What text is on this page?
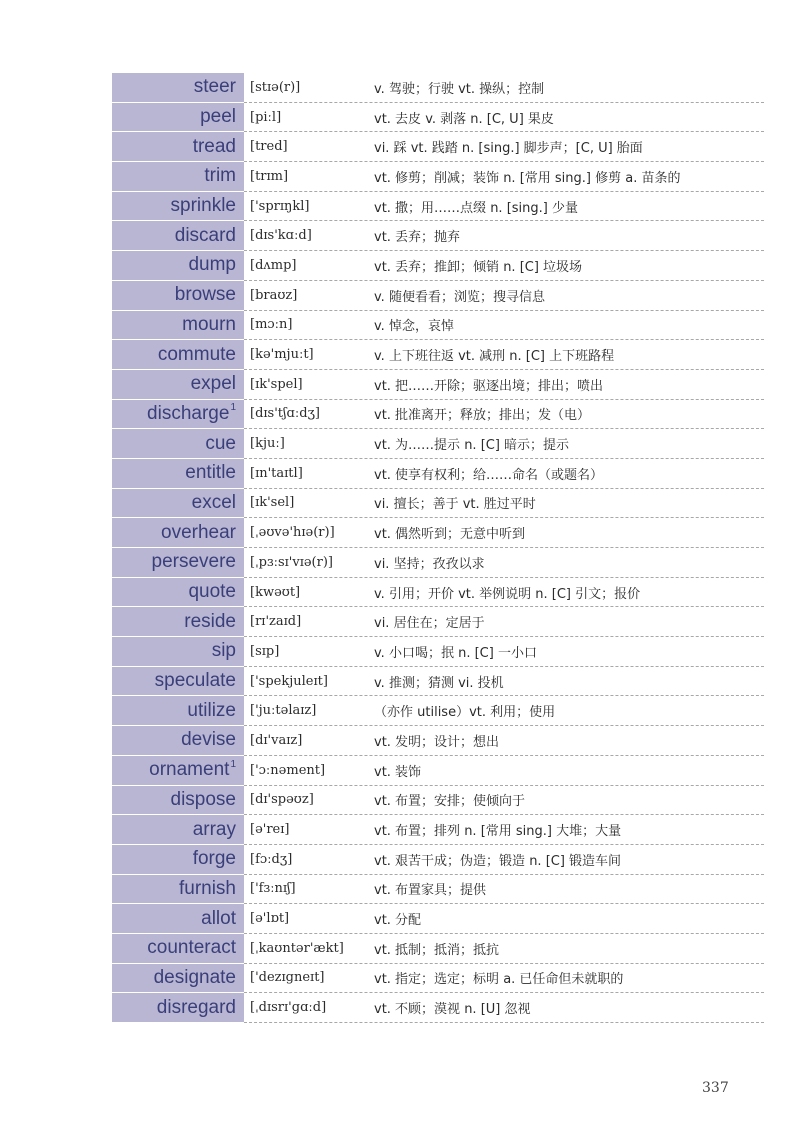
steer	[stɪə(r)]	v. 驾驶；行驶 vt. 操纵；控制
peel	[piːl]	vt. 去皮 v. 剥落 n. [C, U] 果皮
tread	[tred]	vi. 踩 vt. 践踏 n. [sing.] 脚步声；[C, U] 胎面
trim	[trɪm]	vt. 修剪；削减；装饰 n. [常用 sing.] 修剪 a. 苗条的
sprinkle	['sprɪŋkl]	vt. 撒；用……点缀 n. [sing.] 少量
discard	[dɪs'kɑːd]	vt. 丢弃；抛弃
dump	[dʌmp]	vt. 丢弃；推卸；倾销 n. [C] 垃圾场
browse	[braʊz]	v. 随便看看；浏览；搜寻信息
mourn	[mɔːn]	v. 悼念，哀悼
commute	[kə'mjuːt]	v. 上下班往返 vt. 减刑 n. [C] 上下班路程
expel	[ɪk'spel]	vt. 把……开除；驱逐出境；排出；喷出
discharge$^1$	[dɪs'tʃɑːdʒ]	vt. 批准离开；释放；排出；发（电）
cue	[kjuː]	vt. 为……提示 n. [C] 暗示；提示
entitle	[ɪn'taɪtl]	vt. 使享有权利；给……命名（或题名）
excel	[ɪk'sel]	vi. 擅长；善于 vt. 胜过平时
overhear	[ˌəʊvə'hɪə(r)]	vt. 偶然听到；无意中听到
persevere	[ˌpɜːsɪ'vɪə(r)]	vi. 坚持；孜孜以求
quote	[kwəʊt]	v. 引用；开价 vt. 举例说明 n. [C] 引文；报价
reside	[rɪ'zaɪd]	vi. 居住在；定居于
sip	[sɪp]	v. 小口喝；抿 n. [C] 一小口
speculate	['spekjuleɪt]	v. 推测；猜测 vi. 投机
utilize	['juːtəlaɪz]	（亦作 utilise）vt. 利用；使用
devise	[dɪ'vaɪz]	vt. 发明；设计；想出
ornament$^1$	['ɔːnəment]	vt. 装饰
dispose	[dɪ'spəʊz]	vt. 布置；安排；使倾向于
array	[ə'reɪ]	vt. 布置；排列 n. [常用 sing.] 大堆；大量
forge	[fɔːdʒ]	vt. 艰苦干成；伪造；锻造 n. [C] 锻造车间
furnish	['fɜːnɪʃ]	vt. 布置家具；提供
allot	[ə'lɒt]	vt. 分配
counteract	[ˌkaʊntər'ækt]	vt. 抵制；抵消；抵抗
designate	['dezɪgneɪt]	vt. 指定；选定；标明 a. 已任命但未就职的
disregard	[ˌdɪsrɪ'gɑːd]	vt. 不顾；漠视 n. [U] 忽视
337
